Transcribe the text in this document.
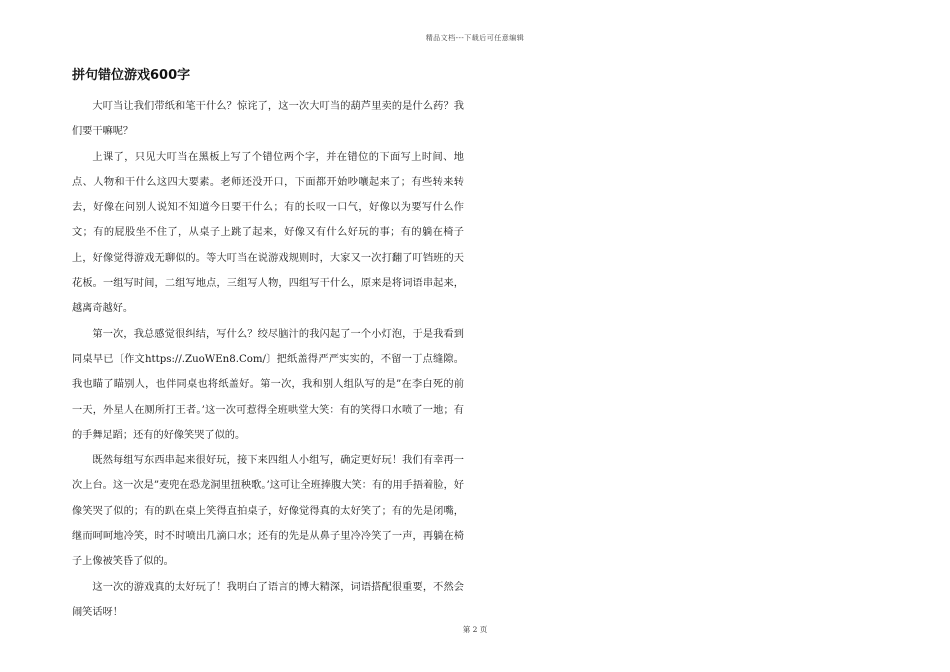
精品文档---下载后可任意编辑
拼句错位游戏600字

大叮当让我们带纸和笔干什么？惊诧了，这一次大叮当的葫芦里卖的是什么药？我们要干嘛呢？

上课了，只见大叮当在黑板上写了个错位两个字，并在错位的下面写上时间、地点、人物和干什么这四大要素。老师还没开口，下面都开始吵嚷起来了；有些转来转去，好像在问别人说知不知道今日要干什么；有的长叹一口气，好像以为要写什么作文；有的屁股坐不住了，从桌子上跳了起来，好像又有什么好玩的事；有的躺在椅子上，好像觉得游戏无聊似的。等大叮当在说游戏规则时，大家又一次打翻了叮铛班的天花板。一组写时间，二组写地点，三组写人物，四组写干什么，原来是将词语串起来，越离奇越好。

第一次，我总感觉很纠结，写什么？绞尽脑汁的我闪起了一个小灯泡，于是我看到同桌早已〔作文https://.ZuoWEn8.Com/〕把纸盖得严严实实的，不留一丁点缝隙。我也瞄了瞄别人，也伴同桌也将纸盖好。第一次，我和别人组队写的是”在李白死的前一天，外星人在厕所打王者。’这一次可惹得全班哄堂大笑：有的笑得口水喷了一地；有的手舞足蹈；还有的好像笑哭了似的。

既然每组写东西串起来很好玩，接下来四组人小组写，确定更好玩！我们有幸再一次上台。这一次是”麦兜在恐龙洞里扭秧歌。’这可让全班捧腹大笑：有的用手捂着脸，好像笑哭了似的；有的趴在桌上笑得直拍桌子，好像觉得真的太好笑了；有的先是闭嘴，继而呵呵地冷笑，时不时喷出几滴口水；还有的先是从鼻子里冷冷笑了一声，再躺在椅子上像被笑昏了似的。

这一次的游戏真的太好玩了！我明白了语言的博大精深，词语搭配很重要，不然会闹笑话呀！

第 2 页
